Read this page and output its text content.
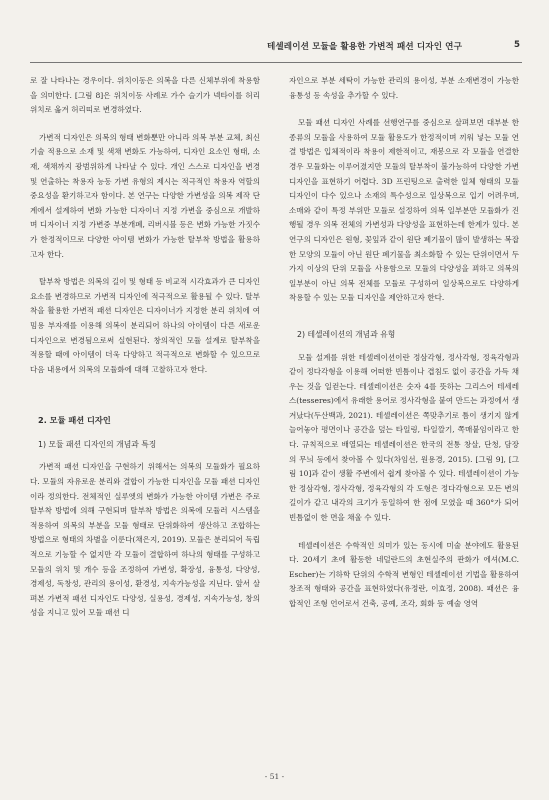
테셀레이션 모듈을 활용한 가변적 패션 디자인 연구	5

로 잘 나타나는 경우이다. 위치이동은 의복을 다른 신체부위에 착용함을 의미한다. [그림 8]은 위치이동 사례로 가수 슬기가 넥타이를 허리 위치로 옮겨 허리띠로 변경하였다.

가변적 디자인은 의복의 형태 변화뿐만 아니라 의복 부분 교체, 최신 기술 적용으로 소재 및 색채 변화도 가능하여, 디자인 요소인 형태, 소재, 색채까지 광범위하게 나타날 수 있다. 개인 스스로 디자인을 변경 및 연출하는 착용자 능동 가변 유형의 제시는 적극적인 착용자 역할의 중요성을 환기하고자 함이다. 본 연구는 다양한 가변성을 의복 제작 단계에서 설계하여 변화 가능한 디자이너 지정 가변을 중심으로 개발하며 디자이너 지정 가변중 부분개폐, 리버시블 등은 변화 가능한 가짓수가 한정적이므로 다양한 아이템 변화가 가능한 탈부착 방법을 활용하고자 한다.

탈부착 방법은 의복의 길이 및 형태 등 비교적 시각효과가 큰 디자인 요소를 변경하므로 가변적 디자인에 적극적으로 활용될 수 있다. 탈부착을 활용한 가변적 패션 디자인은 디자이너가 지정한 분리 위치에 여밈용 부자재를 이용해 의복이 분리되어 하나의 아이템이 다른 새로운 디자인으로 변경됨으로써 실현된다. 창의적인 모듈 설계로 탈부착을 적용할 때에 아이템이 더욱 다양하고 적극적으로 변화할 수 있으므로 다음 내용에서 의복의 모듈화에 대해 고찰하고자 한다.

2. 모듈 패션 디자인
1) 모듈 패션 디자인의 개념과 특징

가변적 패션 디자인을 구현하기 위해서는 의복의 모듈화가 필요하다. 모듈의 자유로운 분리와 결합이 가능한 디자인을 모듈 패션 디자인이라 정의한다. 전체적인 실루엣의 변화가 가능한 아이템 가변은 주로 탈부착 방법에 의해 구현되며 탈부착 방법은 의복에 모듈러 시스템을 적용하여 의복의 부분을 모듈 형태로 단위화하여 생산하고 조합하는 방법으로 형태의 차별을 이룬다(채은지, 2019). 모듈은 분리되어 독립적으로 기능할 수 없지만 각 모듈이 결합하여 하나의 형태를 구성하고 모듈의 위치 및 개수 등을 조정하여 가변성, 확장성, 융통성, 다양성, 경제성, 독창성, 관리의 용이성, 환경성, 지속가능성을 지닌다. 앞서 살펴본 가변적 패션 디자인도 다양성, 실용성, 경제성, 지속가능성, 창의성을 지니고 있어 모듈 패션 디

자인으로 부분 세탁이 가능한 관리의 용이성, 부분 소재변경이 가능한 융통성 등 속성을 추가할 수 있다.

모듈 패션 디자인 사례를 선행연구를 중심으로 살펴보면 대부분 한 종류의 모듈을 사용하여 모듈 활용도가 한정적이며 끼워 넣는 모듈 연결 방법은 입체적이라 착용이 제한적이고, 재봉으로 각 모듈을 연결한 경우 모듈화는 이루어졌지만 모듈의 탈부착이 불가능하여 다양한 가변 디자인을 표현하기 어렵다. 3D 프린팅으로 출력한 일체 형태의 모듈 디자인이 다수 있으나 소재의 특수성으로 일상복으로 입기 어려우며, 소매와 같이 특정 부위만 모듈로 설정하여 의복 일부분만 모듈화가 진행될 경우 의복 전체의 가변성과 다양성을 표현하는데 한계가 있다. 본 연구의 디자인은 원형, 꽃잎과 같이 원단 폐기물이 많이 발생하는 복잡한 모양의 모듈이 아닌 원단 폐기물을 최소화할 수 있는 단위이면서 두 가지 이상의 단위 모듈을 사용함으로 모듈의 다양성을 꾀하고 의복의 일부분이 아닌 의복 전체를 모듈로 구성하여 일상복으로도 다양하게 착용할 수 있는 모듈 디자인을 제안하고자 한다.

2) 테셀레이션의 개념과 유형

모듈 설계를 위한 테셀레이션이란 정삼각형, 정사각형, 정육각형과 같이 정다각형을 이용해 어떠한 빈틈이나 겹침도 없이 공간을 가득 채우는 것을 일컫는다. 테셀레이션은 숫자 4를 뜻하는 그리스어 테세레스(tesseres)에서 유래한 용어로 정사각형을 붙여 만드는 과정에서 생겨났다(두산백과, 2021). 테셀레이션은 쪽맞추기로 틈이 생기지 않게 늘어놓아 평면이나 공간을 덮는 타일링, 타일깔기, 쪽매붙임이라고 한다. 규칙적으로 배열되는 테셀레이션은 한국의 전통 창살, 단청, 담장의 무늬 등에서 찾아볼 수 있다(차임선, 원용경, 2015). [그림 9], [그림 10]과 같이 생활 주변에서 쉽게 찾아볼 수 있다. 테셀레이션이 가능한 정삼각형, 정사각형, 정육각형의 각 도형은 정다각형으로 모든 변의 길이가 같고 내각의 크기가 동일하여 한 점에 모였을 때 360°가 되어 빈틈없이 한 면을 채울 수 있다.

테셀레이션은 수학적인 의미가 있는 동시에 미술 분야에도 활용된다. 20세기 초에 활동한 네덜란드의 초현실주의 판화가 에셔(M.C. Escher)는 기하학 단위의 수학적 변형인 테셀레이션 기법을 활용하여 창조적 형태와 공간을 표현하였다(유정란, 이효정, 2008). 패션은 융합적인 조형 언어로서 건축, 공예, 조각, 회화 등 예술 영역

- 51 -
